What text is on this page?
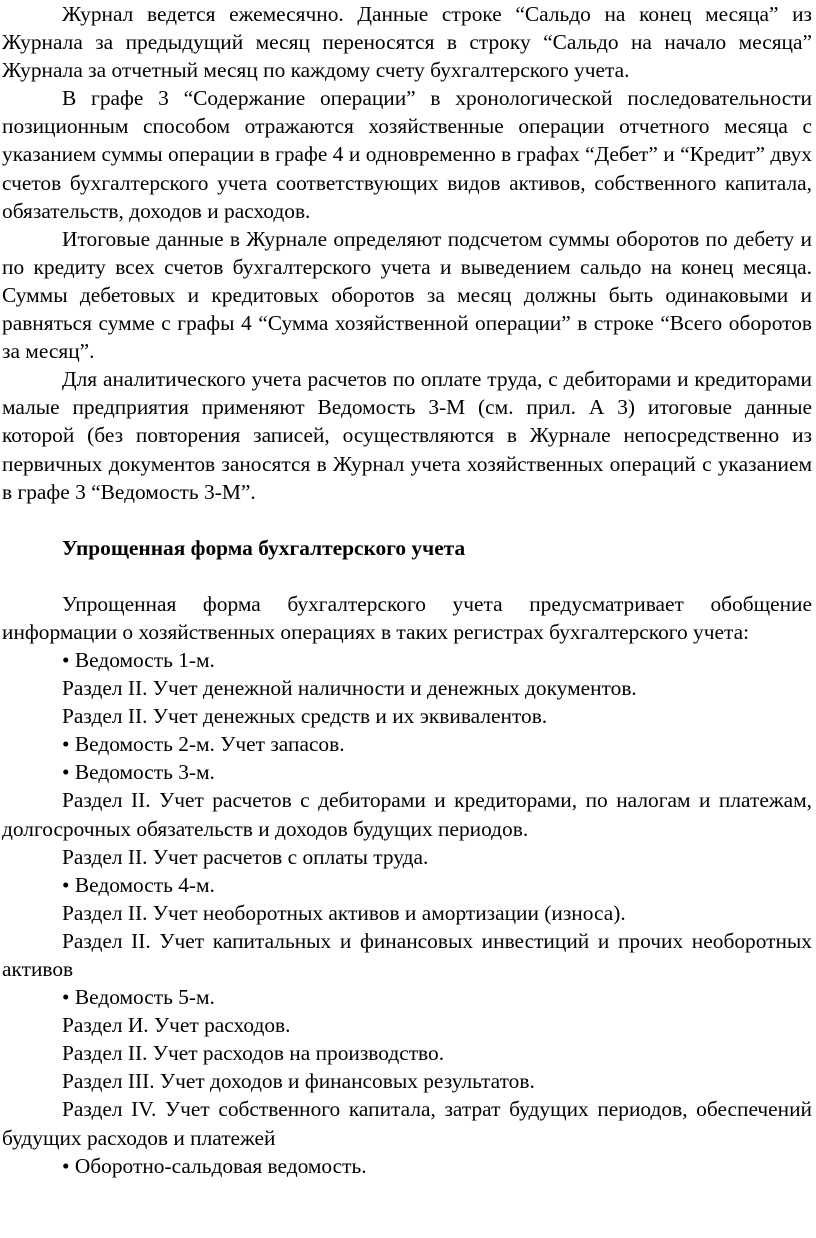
Журнал ведется ежемесячно. Данные строке “Сальдо на конец месяца” из Журнала за предыдущий месяц переносятся в строку “Сальдо на начало месяца” Журнала за отчетный месяц по каждому счету бухгалтерского учета.

В графе 3 “Содержание операции” в хронологической последовательности позиционным способом отражаются хозяйственные операции отчетного месяца с указанием суммы операции в графе 4 и одновременно в графах “Дебет” и “Кредит” двух счетов бухгалтерского учета соответствующих видов активов, собственного капитала, обязательств, доходов и расходов.

Итоговые данные в Журнале определяют подсчетом суммы оборотов по дебету и по кредиту всех счетов бухгалтерского учета и выведением сальдо на конец месяца. Суммы дебетовых и кредитовых оборотов за месяц должны быть одинаковыми и равняться сумме с графы 4 “Сумма хозяйственной операции” в строке “Всего оборотов за месяц”.

Для аналитического учета расчетов по оплате труда, с дебиторами и кредиторами малые предприятия применяют Ведомость 3-М (см. прил. А 3) итоговые данные которой (без повторения записей, осуществляются в Журнале непосредственно из первичных документов заносятся в Журнал учета хозяйственных операций с указанием в графе 3 “Ведомость 3-М”.

Упрощенная форма бухгалтерского учета

Упрощенная форма бухгалтерского учета предусматривает обобщение информации о хозяйственных операциях в таких регистрах бухгалтерского учета:

• Ведомость 1-м.

Раздел II. Учет денежной наличности и денежных документов.

Раздел II. Учет денежных средств и их эквивалентов.

• Ведомость 2-м. Учет запасов.

• Ведомость 3-м.

Раздел II. Учет расчетов с дебиторами и кредиторами, по налогам и платежам, долгосрочных обязательств и доходов будущих периодов.

Раздел II. Учет расчетов с оплаты труда.

• Ведомость 4-м.

Раздел II. Учет необоротных активов и амортизации (износа).

Раздел II. Учет капитальных и финансовых инвестиций и прочих необоротных активов

• Ведомость 5-м.

Раздел И. Учет расходов.

Раздел II. Учет расходов на производство.

Раздел III. Учет доходов и финансовых результатов.

Раздел IV. Учет собственного капитала, затрат будущих периодов, обеспечений будущих расходов и платежей

• Оборотно-сальдовая ведомость.
